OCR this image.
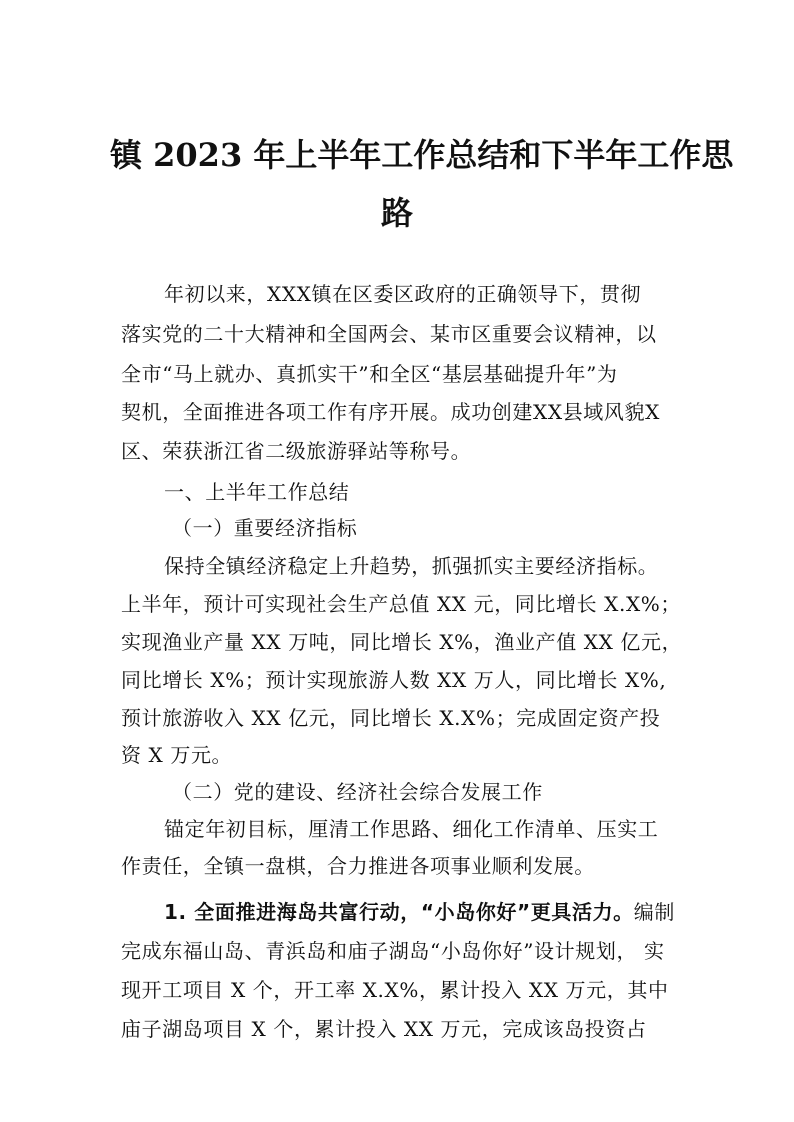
镇 2023 年上半年工作总结和下半年工作思
路
年初以来，XXX镇在区委区政府的正确领导下，贯彻
落实党的二十大精神和全国两会、某市区重要会议精神，以
全市“马上就办、真抓实干”和全区“基层基础提升年”为
契机，全面推进各项工作有序开展。成功创建XX县域风貌X
区、荣获浙江省二级旅游驿站等称号。
一、上半年工作总结
（一）重要经济指标
保持全镇经济稳定上升趋势，抓强抓实主要经济指标。
上半年，预计可实现社会生产总值 XX 元，同比增长 X.X%；
实现渔业产量 XX 万吨，同比增长 X%，渔业产值 XX 亿元，
同比增长 X%；预计实现旅游人数 XX 万人，同比增长 X%,
预计旅游收入 XX 亿元，同比增长 X.X%；完成固定资产投
资 X 万元。
（二）党的建设、经济社会综合发展工作
锚定年初目标，厘清工作思路、细化工作清单、压实工
作责任，全镇一盘棋，合力推进各项事业顺利发展。
1. 全面推进海岛共富行动，“小岛你好”更具活力。编制
完成东福山岛、青浜岛和庙子湖岛“小岛你好”设计规划， 实
现开工项目 X 个，开工率 X.X%，累计投入 XX 万元，其中
庙子湖岛项目 X 个，累计投入 XX 万元，完成该岛投资占
